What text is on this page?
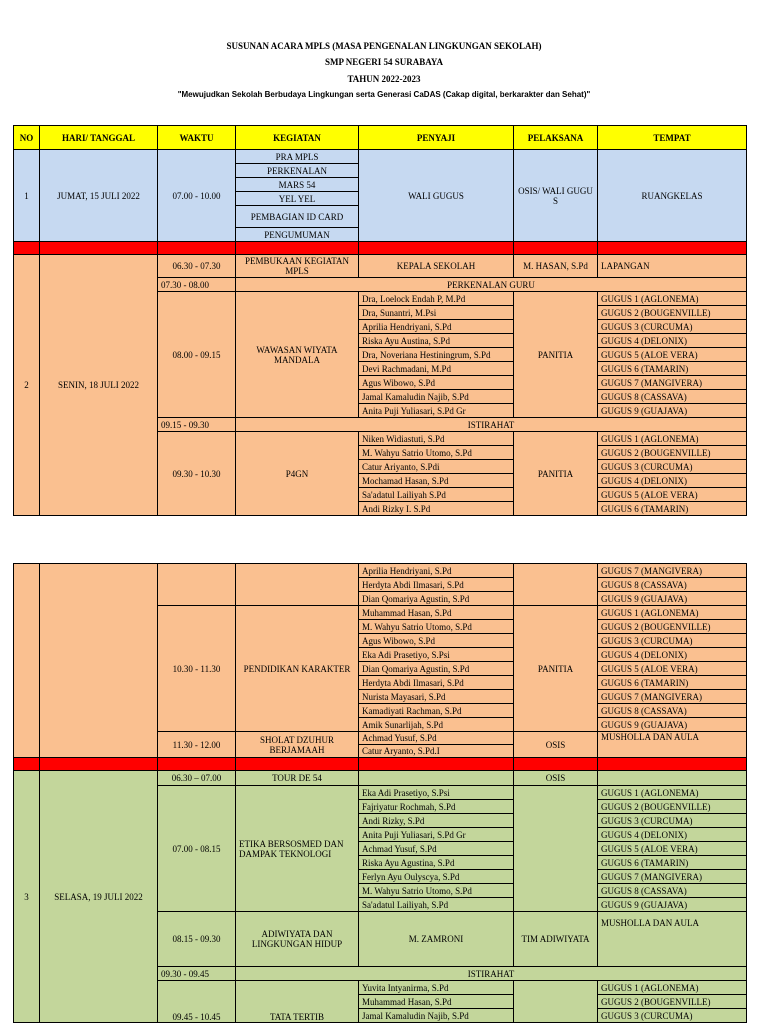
SUSUNAN ACARA MPLS (MASA PENGENALAN LINGKUNGAN SEKOLAH)
SMP NEGERI 54 SURABAYA
TAHUN 2022-2023
"Mewujudkan Sekolah Berbudaya Lingkungan serta Generasi CaDAS (Cakap digital, berkarakter dan Sehat)"
NO	HARI/ TANGGAL	WAKTU	KEGIATAN	PENYAJI	PELAKSANA	TEMPAT
1	JUMAT, 15 JULI 2022	07.00 - 10.00	PRA MPLS	WALI GUGUS	OSIS/ WALI GUGU S	RUANGKELAS
			PERKENALAN			
			MARS 54			
			YEL YEL			
			PEMBAGIAN ID CARD			
			PENGUMUMAN			

2	SENIN, 18 JULI 2022	06.30 - 07.30	PEMBUKAAN KEGIATAN MPLS	KEPALA SEKOLAH	M. HASAN, S.Pd	LAPANGAN
		07.30 - 08.00	PERKENALAN GURU			
		08.00 - 09.15	WAWASAN WIYATA MANDALA	Dra, Loelock Endah P, M.Pd	PANITIA	GUGUS 1 (AGLONEMA)
				Dra, Sunantri, M.Psi		GUGUS 2 (BOUGENVILLE)
				Aprilia Hendriyani, S.Pd		GUGUS 3 (CURCUMA)
				Riska Ayu Austina, S.Pd		GUGUS 4 (DELONIX)
				Dra, Noveriana Hestiningrum, S.Pd		GUGUS 5 (ALOE VERA)
				Devi Rachmadani, M.Pd		GUGUS 6 (TAMARIN)
				Agus Wibowo, S.Pd		GUGUS 7 (MANGIVERA)
				Jamal Kamaludin Najib, S.Pd		GUGUS 8 (CASSAVA)
				Anita Puji Yuliasari, S.Pd Gr		GUGUS 9 (GUAJAVA)
		09.15 - 09.30	ISTIRAHAT			
		09.30 - 10.30	P4GN	Niken Widiastuti, S.Pd	PANITIA	GUGUS 1 (AGLONEMA)
				M. Wahyu Satrio Utomo, S.Pd		GUGUS 2 (BOUGENVILLE)
				Catur Ariyanto, S.Pdi		GUGUS 3 (CURCUMA)
				Mochamad Hasan, S.Pd		GUGUS 4 (DELONIX)
				Sa'adatul Lailiyah S.Pd		GUGUS 5 (ALOE VERA)
				Andi Rizky I. S.Pd		GUGUS 6 (TAMARIN)
				Aprilia Hendriyani, S.Pd		GUGUS 7 (MANGIVERA)
				Herdyta Abdi Ilmasari, S.Pd		GUGUS 8 (CASSAVA)
				Dian Qomariya Agustin, S.Pd		GUGUS 9 (GUAJAVA)
		10.30 - 11.30	PENDIDIKAN KARAKTER	Muhammad Hasan, S.Pd	PANITIA	GUGUS 1 (AGLONEMA)
				M. Wahyu Satrio Utomo, S.Pd		GUGUS 2 (BOUGENVILLE)
				Agus Wibowo, S.Pd		GUGUS 3 (CURCUMA)
				Eka Adi Prasetiyo, S.Psi		GUGUS 4 (DELONIX)
				Dian Qomariya Agustin, S.Pd		GUGUS 5 (ALOE VERA)
				Herdyta Abdi Ilmasari, S.Pd		GUGUS 6 (TAMARIN)
				Nurista Mayasari, S.Pd		GUGUS 7 (MANGIVERA)
				Kamadiyati Rachman, S.Pd		GUGUS 8 (CASSAVA)
				Amik Sunarlijah, S.Pd		GUGUS 9 (GUAJAVA)
		11.30 - 12.00	SHOLAT DZUHUR BERJAMAAH	Achmad Yusuf, S.Pd	OSIS	MUSHOLLA DAN AULA
				Catur Aryanto, S.Pd.I		

3	SELASA, 19 JULI 2022	06.30 – 07.00	TOUR DE 54		OSIS	
		07.00 - 08.15	ETIKA BERSOSMED DAN DAMPAK TEKNOLOGI	Eka Adi Prasetiyo, S.Psi		GUGUS 1 (AGLONEMA)
				Fajriyatur Rochmah, S.Pd		GUGUS 2 (BOUGENVILLE)
				Andi Rizky, S.Pd		GUGUS 3 (CURCUMA)
				Anita Puji Yuliasari, S.Pd Gr		GUGUS 4 (DELONIX)
				Achmad Yusuf, S.Pd		GUGUS 5 (ALOE VERA)
				Riska Ayu Agustina, S.Pd		GUGUS 6 (TAMARIN)
				Ferlyn Ayu Oulyscya, S.Pd		GUGUS 7 (MANGIVERA)
				M. Wahyu Satrio Utomo, S.Pd		GUGUS 8 (CASSAVA)
				Sa'adatul Lailiyah, S.Pd		GUGUS 9 (GUAJAVA)
		08.15 - 09.30	ADIWIYATA DAN LINGKUNGAN HIDUP	M. ZAMRONI	TIM ADIWIYATA	MUSHOLLA DAN AULA
		09.30 - 09.45	ISTIRAHAT			
		09.45 - 10.45	TATA TERTIB	Yuvita Intyanirma, S.Pd		GUGUS 1 (AGLONEMA)
				Muhammad Hasan, S.Pd		GUGUS 2 (BOUGENVILLE)
				Jamal Kamaludin Najib, S.Pd		GUGUS 3 (CURCUMA)
